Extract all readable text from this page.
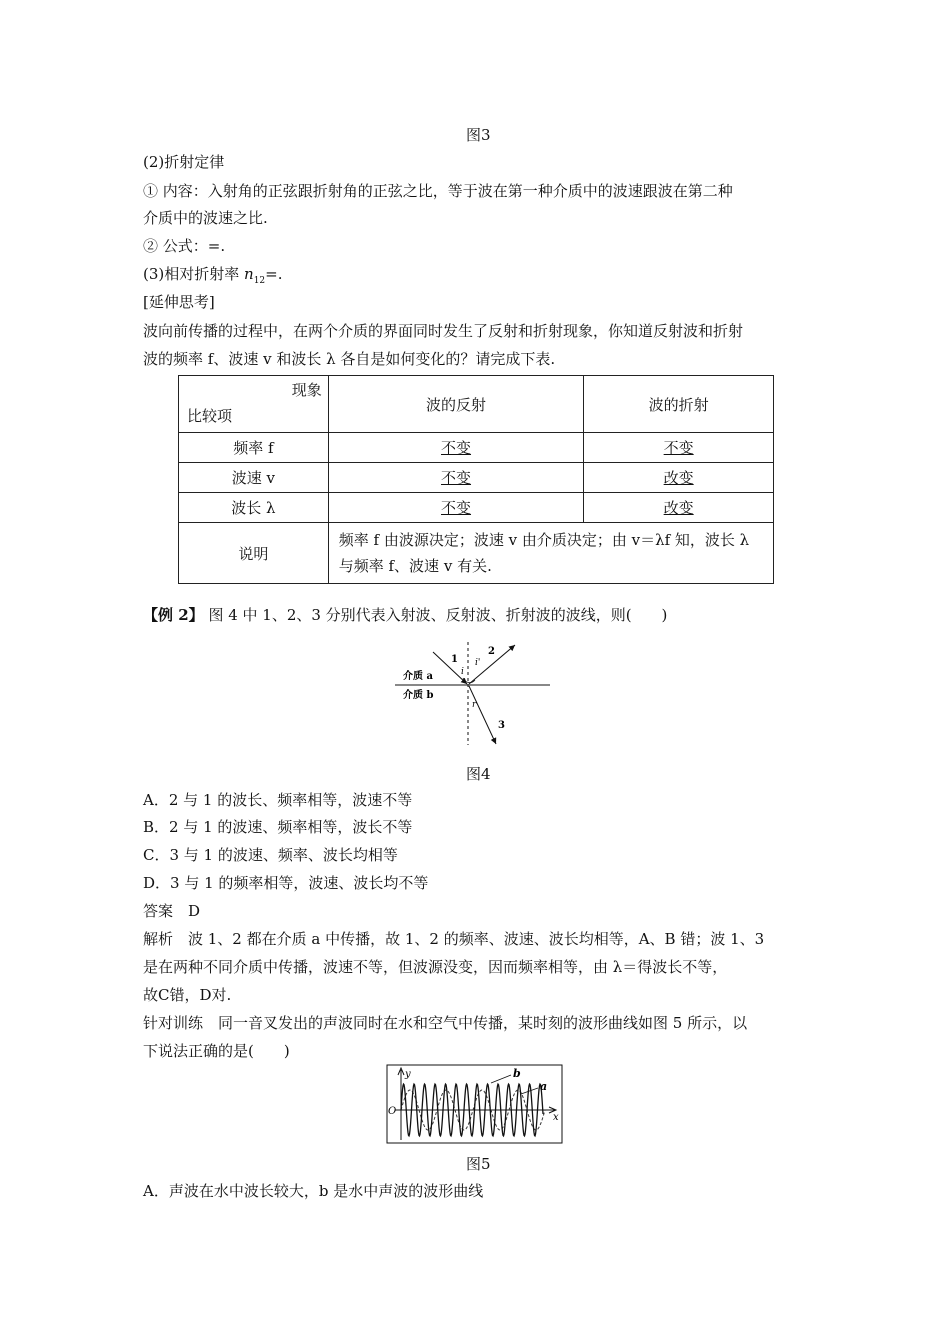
图3
(2)折射定律
① 内容：入射角的正弦跟折射角的正弦之比，等于波在第一种介质中的波速跟波在第二种
介质中的波速之比.
② 公式：=.
(3)相对折射率 $n_{12}=$.
[延伸思考]
波向前传播的过程中，在两个介质的界面同时发生了反射和折射现象，你知道反射波和折射
波的频率 f、波速 v 和波长 λ 各自是如何变化的？请完成下表.
现象
比较项	波的反射	波的折射
频率 f	不变	不变
波速 v	不变	改变
波长 λ	不变	改变
说明	频率 f 由波源决定；波速 v 由介质决定；由 v＝λf 知，波长 λ 与频率 f、波速 v 有关.	
【例 2】 图 4 中 1、2、3 分别代表入射波、反射波、折射波的波线，则(　　)
1
2
3
i
i'
r
介质 a
介质 b
图4
A．2 与 1 的波长、频率相等，波速不等
B．2 与 1 的波速、频率相等，波长不等
C．3 与 1 的波速、频率、波长均相等
D．3 与 1 的频率相等，波速、波长均不等
答案　D
解析　波 1、2 都在介质 a 中传播，故 1、2 的频率、波速、波长均相等，A、B 错；波 1、3
是在两种不同介质中传播，波速不等，但波源没变，因而频率相等，由 λ＝得波长不等，
故C错，D对.
针对训练　同一音叉发出的声波同时在水和空气中传播，某时刻的波形曲线如图 5 所示，以
下说法正确的是(　　)
y
x
O
b
a
图5
A．声波在水中波长较大，b 是水中声波的波形曲线
